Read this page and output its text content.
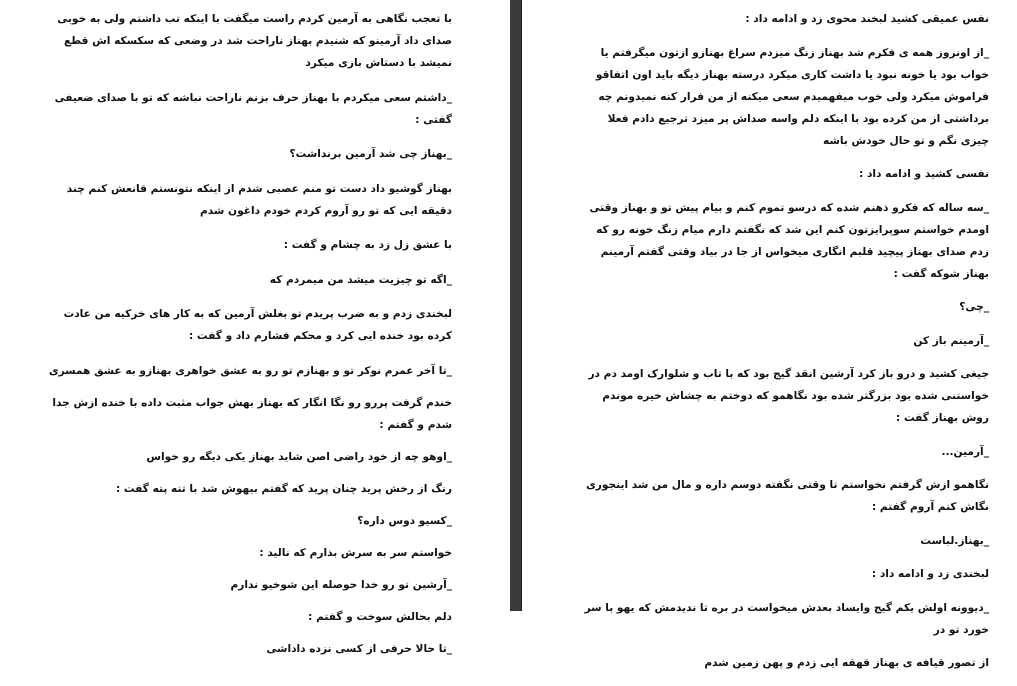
با تعجب نگاهی به آرمین کردم راست میگفت با اینکه تب داشتم ولی به خوبی صدای داد آرمینو که شنیدم بهناز ناراحت شد در وضعی که سکسکه اش قطع نمیشد با دستاش بازی میکرد

_داشتم سعی میکردم با بهناز حرف بزنم ناراحت نباشه که تو با صدای ضعیفی گفتی :

_بهناز چی شد آرمین برنداشت؟

بهناز گوشیو داد دست تو منم عصبی شدم از اینکه نتونستم قانعش کنم چند دقیقه ایی که تو رو آروم کردم خودم داغون شدم

با عشق زل زد به چشام و گفت :

_اگه تو چیزیت میشد من میمردم که

لبخندی زدم و به ضرب پریدم تو بغلش آرمین که به کار های خرکیه من عادت کرده بود خنده ایی کرد و محکم فشارم داد و گفت :

_تا آخر عمرم نوکر تو و بهنازم تو رو به عشق خواهری بهنازو به عشق همسری

خندم گرفت پررو رو نگا انگار که بهناز بهش جواب مثبت داده با خنده ازش جدا شدم و گفتم :

_اوهو چه از خود راضی اصن شاید بهناز یکی دیگه رو خواس

رنگ از رخش پرید چنان پرید که گفتم بیهوش شد با تته پته گفت :

_کسیو دوس داره؟

خواستم سر به سرش بذارم که نالید :

_آرشین تو رو خدا حوصله این شوخیو ندارم

دلم بحالش سوخت و گفتم :

_تا حالا حرفی از کسی نزده داداشی

نفس عمیقی کشید لبخند محوی زد و ادامه داد :

_از اونروز همه ی فکرم شد بهناز زنگ میزدم سراغ بهنازو ازتون میگرفتم یا خواب بود یا خونه نبود یا داشت کاری میکرد درسته بهناز دیگه باید اون اتفاقو فراموش میکرد ولی خوب میفهمیدم سعی میکنه از من فرار کنه نمیدونم چه برداشتی از من کرده بود با اینکه دلم واسه صداش پر میزد ترجیع دادم فعلا چیزی نگم و تو حال خودش باشه

نفسی کشید و ادامه داد :

_سه ساله که فکرو ذهنم شده که درسو تموم کنم و بیام پیش تو و بهناز وقتی اومدم خواستم سوپرایزتون کنم این شد که نگفتم دارم میام زنگ خونه رو که زدم صدای بهناز پیچید قلبم انگاری میخواس از جا در بیاد وقتی گفتم آرمینم بهناز شوکه گفت :

_چی؟

_آرمینم باز کن

جیغی کشید و درو باز کرد آرشین انقد گیج بود که با تاب و شلوارک اومد دم در خواستنی شده بود بزرگتر شده بود نگاهمو که دوختم به چشاش خیره موندم روش بهناز گفت :

_آرمین...

نگاهمو ازش گرفتم نخواستم تا وقتی نگفته دوسم داره و مال من شد اینجوری نگاش کنم آروم گفتم :

_بهناز.لباست

لبخندی زد و ادامه داد :

_دیوونه اولش یکم گیج وایساد بعدش میخواست در بره تا ندیدمش که یهو با سر خورد تو در

از تصور قیافه ی بهناز قهقه ایی زدم و پهن زمین شدم
